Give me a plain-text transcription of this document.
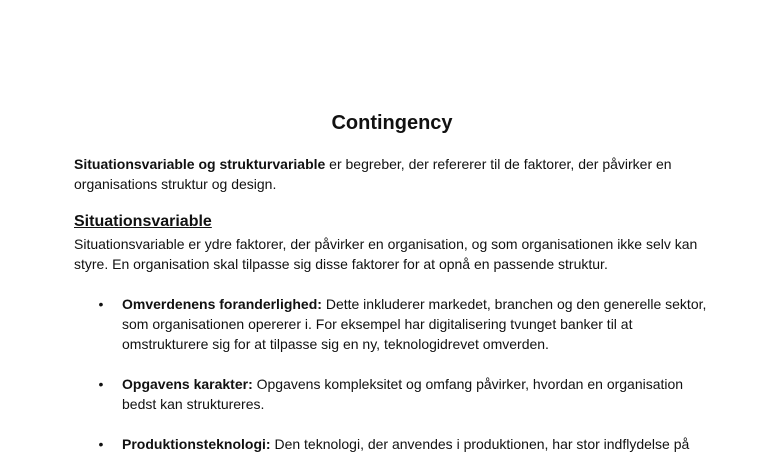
Contingency
Situationsvariable og strukturvariable er begreber, der refererer til de faktorer, der påvirker en organisations struktur og design.
Situationsvariable
Situationsvariable er ydre faktorer, der påvirker en organisation, og som organisationen ikke selv kan styre. En organisation skal tilpasse sig disse faktorer for at opnå en passende struktur.
• Omverdenens foranderlighed: Dette inkluderer markedet, branchen og den generelle sektor, som organisationen opererer i. For eksempel har digitalisering tvunget banker til at omstrukturere sig for at tilpasse sig en ny, teknologidrevet omverden.
• Opgavens karakter: Opgavens kompleksitet og omfang påvirker, hvordan en organisation bedst kan struktureres.
• Produktionsteknologi: Den teknologi, der anvendes i produktionen, har stor indflydelse på
